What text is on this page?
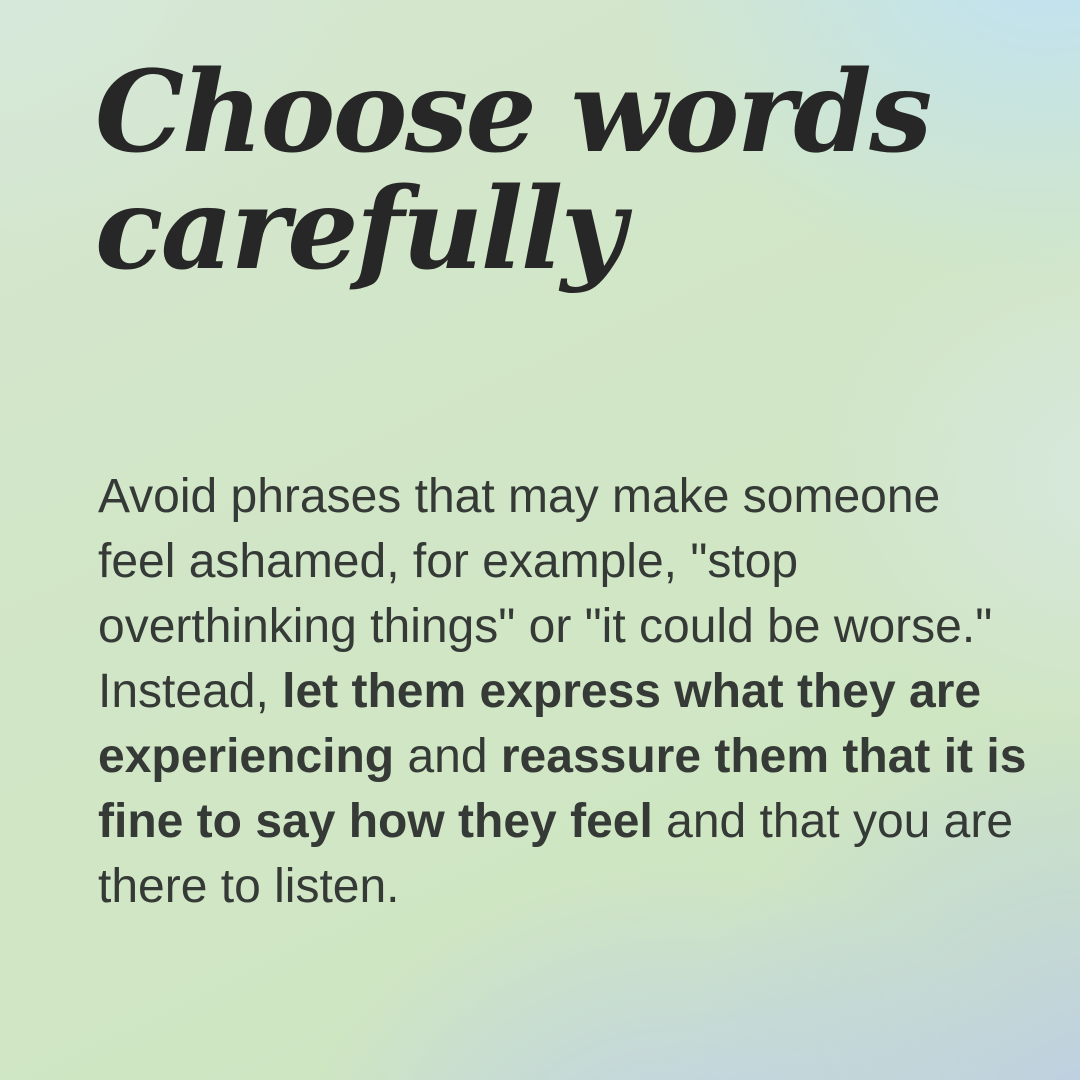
Choose words
carefully
Avoid phrases that may make someone
feel ashamed, for example, "stop
overthinking things" or "it could be worse."
Instead, let them express what they are
experiencing and reassure them that it is
fine to say how they feel and that you are
there to listen.
